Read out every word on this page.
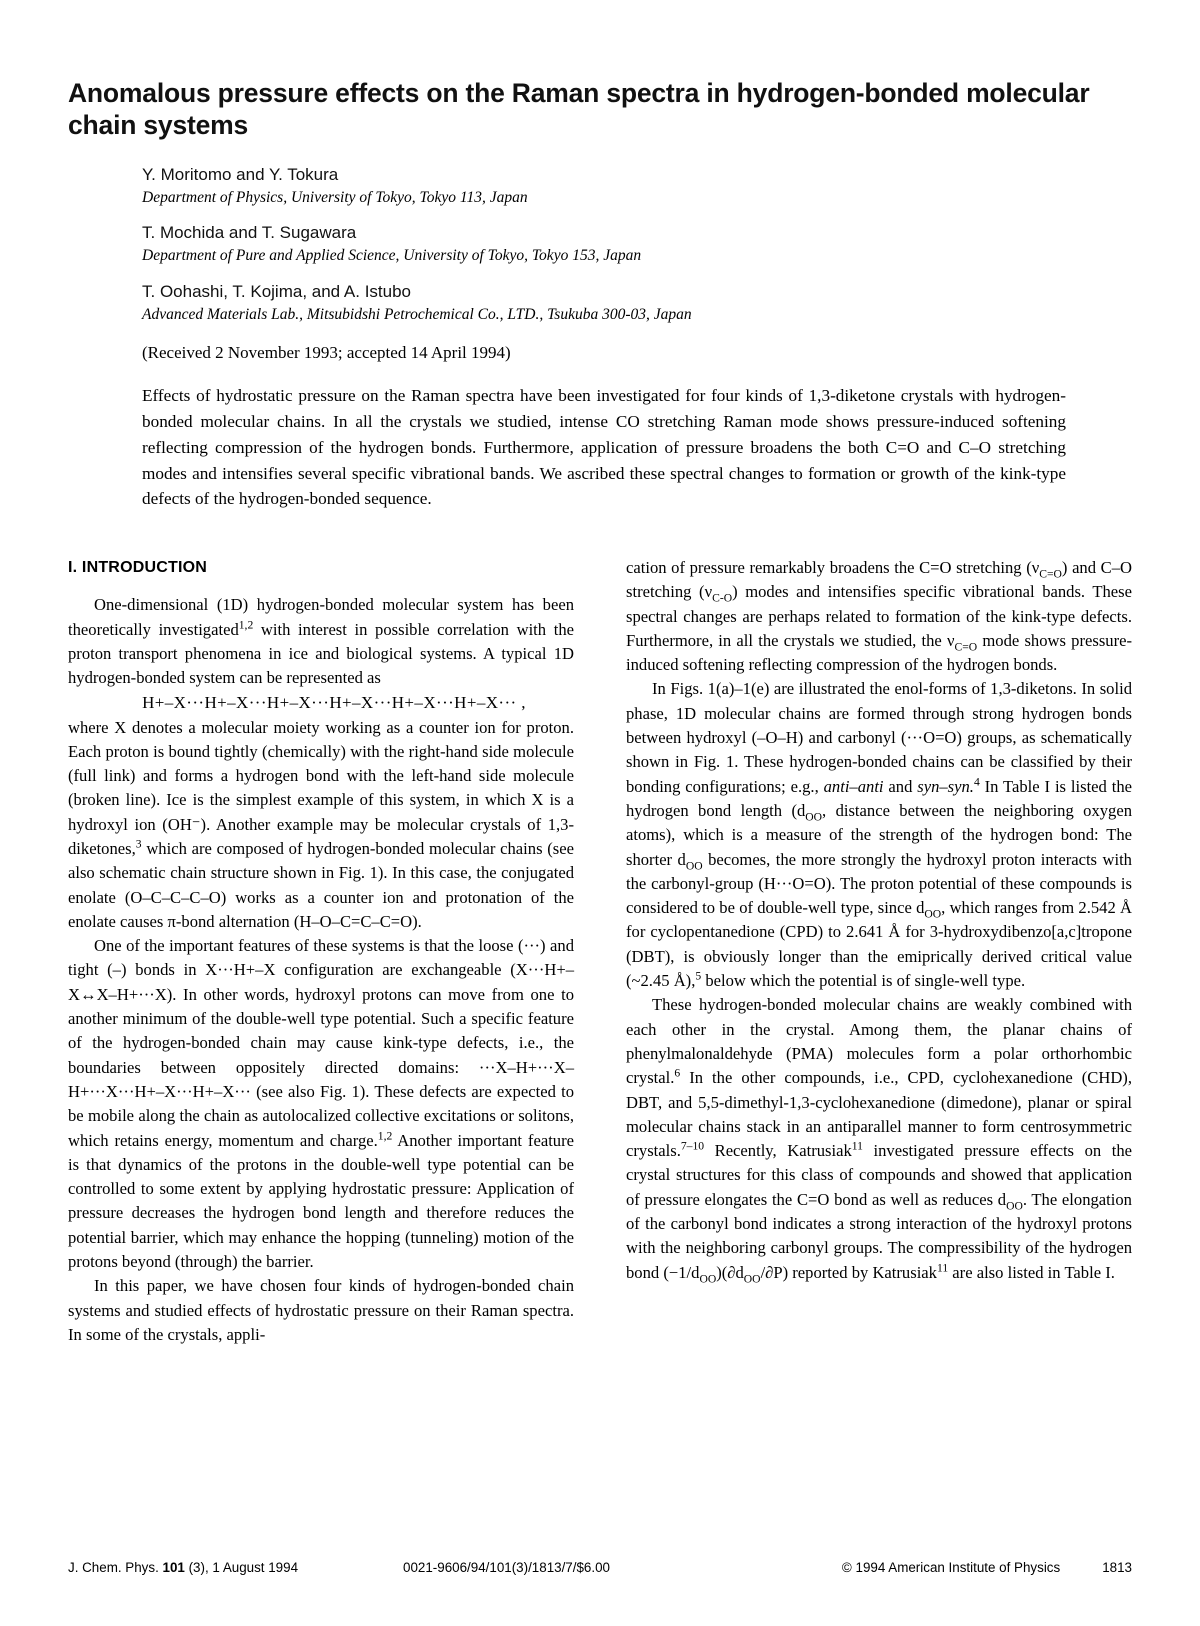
Anomalous pressure effects on the Raman spectra in hydrogen-bonded molecular chain systems
Y. Moritomo and Y. Tokura
Department of Physics, University of Tokyo, Tokyo 113, Japan
T. Mochida and T. Sugawara
Department of Pure and Applied Science, University of Tokyo, Tokyo 153, Japan
T. Oohashi, T. Kojima, and A. Istubo
Advanced Materials Lab., Mitsubidshi Petrochemical Co., LTD., Tsukuba 300-03, Japan
(Received 2 November 1993; accepted 14 April 1994)
Effects of hydrostatic pressure on the Raman spectra have been investigated for four kinds of 1,3-diketone crystals with hydrogen-bonded molecular chains. In all the crystals we studied, intense CO stretching Raman mode shows pressure-induced softening reflecting compression of the hydrogen bonds. Furthermore, application of pressure broadens the both C=O and C–O stretching modes and intensifies several specific vibrational bands. We ascribed these spectral changes to formation or growth of the kink-type defects of the hydrogen-bonded sequence.
I. INTRODUCTION

One-dimensional (1D) hydrogen-bonded molecular system has been theoretically investigated$^{1,2}$ with interest in possible correlation with the proton transport phenomena in ice and biological systems. A typical 1D hydrogen-bonded system can be represented as

H+–X···H+–X···H+–X···H+–X···H+–X···H+–X··· ,

where X denotes a molecular moiety working as a counter ion for proton. Each proton is bound tightly (chemically) with the right-hand side molecule (full link) and forms a hydrogen bond with the left-hand side molecule (broken line). Ice is the simplest example of this system, in which X is a hydroxyl ion (OH⁻). Another example may be molecular crystals of 1,3-diketones,$^3$ which are composed of hydrogen-bonded molecular chains (see also schematic chain structure shown in Fig. 1). In this case, the conjugated enolate (O–C–C–C–O) works as a counter ion and protonation of the enolate causes π-bond alternation (H–O–C=C–C=O).

One of the important features of these systems is that the loose (···) and tight (–) bonds in X···H+–X configuration are exchangeable (X···H+–X↔X–H+···X). In other words, hydroxyl protons can move from one to another minimum of the double-well type potential. Such a specific feature of the hydrogen-bonded chain may cause kink-type defects, i.e., the boundaries between oppositely directed domains: ···X–H+···X–H+···X···H+–X···H+–X··· (see also Fig. 1). These defects are expected to be mobile along the chain as autolocalized collective excitations or solitons, which retains energy, momentum and charge.$^{1,2}$ Another important feature is that dynamics of the protons in the double-well type potential can be controlled to some extent by applying hydrostatic pressure: Application of pressure decreases the hydrogen bond length and therefore reduces the potential barrier, which may enhance the hopping (tunneling) motion of the protons beyond (through) the barrier.

In this paper, we have chosen four kinds of hydrogen-bonded chain systems and studied effects of hydrostatic pressure on their Raman spectra. In some of the crystals, appli-

cation of pressure remarkably broadens the C=O stretching $(\nu_{C=O})$ and C–O stretching $(\nu_{C-O})$ modes and intensifies specific vibrational bands. These spectral changes are perhaps related to formation of the kink-type defects. Furthermore, in all the crystals we studied, the $\nu_{C=O}$ mode shows pressure-induced softening reflecting compression of the hydrogen bonds.

In Figs. 1(a)–1(e) are illustrated the enol-forms of 1,3-diketons. In solid phase, 1D molecular chains are formed through strong hydrogen bonds between hydroxyl (–O–H) and carbonyl (···O=O) groups, as schematically shown in Fig. 1. These hydrogen-bonded chains can be classified by their bonding configurations; e.g., anti–anti and syn–syn.$^4$ In Table I is listed the hydrogen bond length ($d_{OO}$, distance between the neighboring oxygen atoms), which is a measure of the strength of the hydrogen bond: The shorter $d_{OO}$ becomes, the more strongly the hydroxyl proton interacts with the carbonyl-group (H···O=O). The proton potential of these compounds is considered to be of double-well type, since $d_{OO}$, which ranges from 2.542 Å for cyclopentanedione (CPD) to 2.641 Å for 3-hydroxydibenzo[a,c]tropone (DBT), is obviously longer than the emiprically derived critical value (~2.45 Å),$^5$ below which the potential is of single-well type.

These hydrogen-bonded molecular chains are weakly combined with each other in the crystal. Among them, the planar chains of phenylmalonaldehyde (PMA) molecules form a polar orthorhombic crystal.$^6$ In the other compounds, i.e., CPD, cyclohexanedione (CHD), DBT, and 5,5-dimethyl-1,3-cyclohexanedione (dimedone), planar or spiral molecular chains stack in an antiparallel manner to form centrosymmetric crystals.$^{7-10}$ Recently, Katrusiak$^{11}$ investigated pressure effects on the crystal structures for this class of compounds and showed that application of pressure elongates the C=O bond as well as reduces $d_{OO}$. The elongation of the carbonyl bond indicates a strong interaction of the hydroxyl protons with the neighboring carbonyl groups. The compressibility of the hydrogen bond $(-1/d_{OO})(\partial d_{OO}/\partial P)$ reported by Katrusiak$^{11}$ are also listed in Table I.

J. Chem. Phys. 101 (3), 1 August 1994	0021-9606/94/101(3)/1813/7/$6.00	© 1994 American Institute of Physics	1813
